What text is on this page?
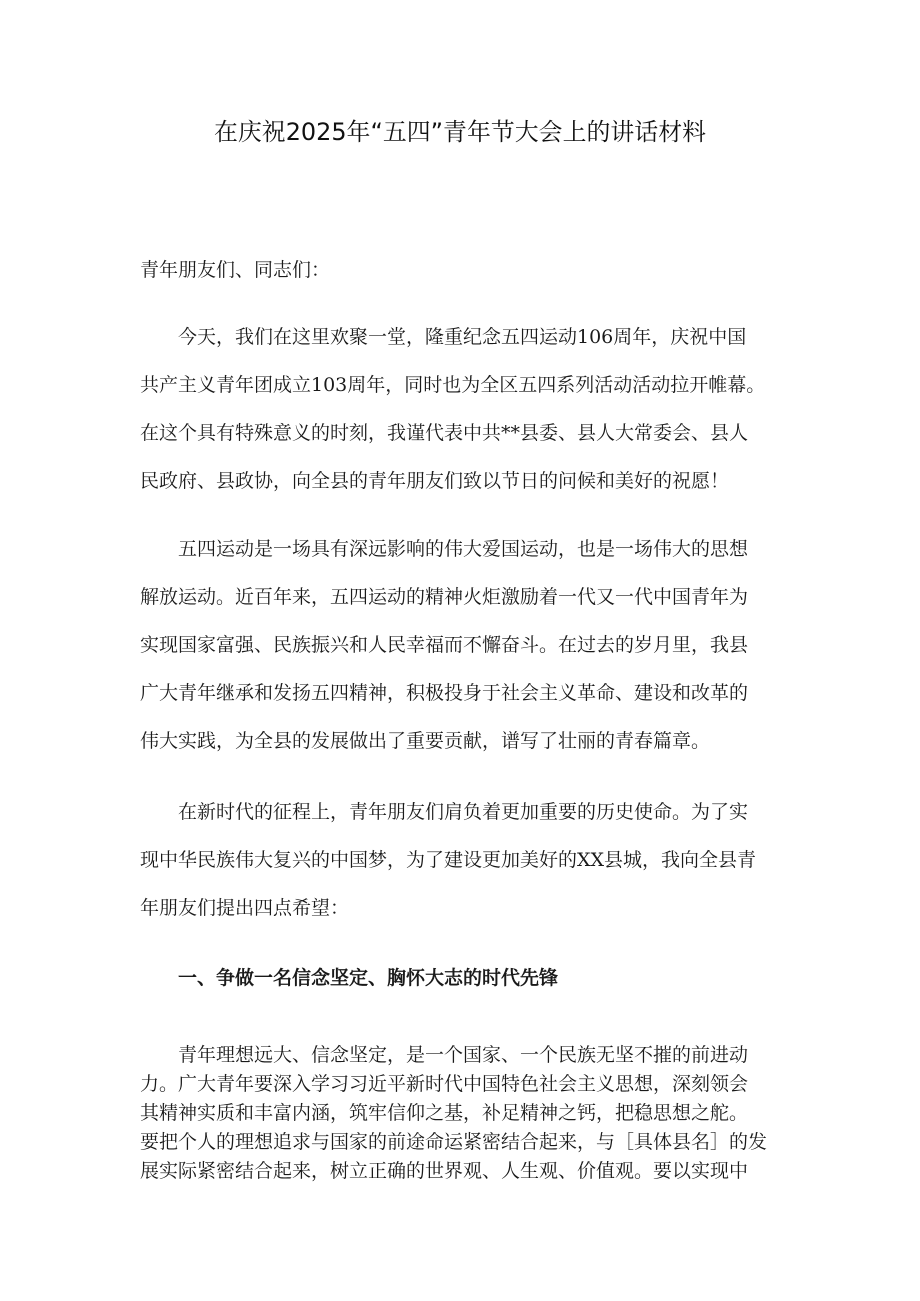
在庆祝2025年“五四”青年节大会上的讲话材料
青年朋友们、同志们：
　　今天，我们在这里欢聚一堂，隆重纪念五四运动106周年，庆祝中国
共产主义青年团成立103周年，同时也为全区五四系列活动活动拉开帷幕。
在这个具有特殊意义的时刻，我谨代表中共**县委、县人大常委会、县人
民政府、县政协，向全县的青年朋友们致以节日的问候和美好的祝愿！
　　五四运动是一场具有深远影响的伟大爱国运动，也是一场伟大的思想
解放运动。近百年来，五四运动的精神火炬激励着一代又一代中国青年为
实现国家富强、民族振兴和人民幸福而不懈奋斗。在过去的岁月里，我县
广大青年继承和发扬五四精神，积极投身于社会主义革命、建设和改革的
伟大实践，为全县的发展做出了重要贡献，谱写了壮丽的青春篇章。
　　在新时代的征程上，青年朋友们肩负着更加重要的历史使命。为了实
现中华民族伟大复兴的中国梦，为了建设更加美好的XX县城，我向全县青
年朋友们提出四点希望：
　　一、争做一名信念坚定、胸怀大志的时代先锋
　　青年理想远大、信念坚定，是一个国家、一个民族无坚不摧的前进动
力。广大青年要深入学习习近平新时代中国特色社会主义思想，深刻领会
其精神实质和丰富内涵，筑牢信仰之基，补足精神之钙，把稳思想之舵。
要把个人的理想追求与国家的前途命运紧密结合起来，与［具体县名］的发
展实际紧密结合起来，树立正确的世界观、人生观、价值观。要以实现中
